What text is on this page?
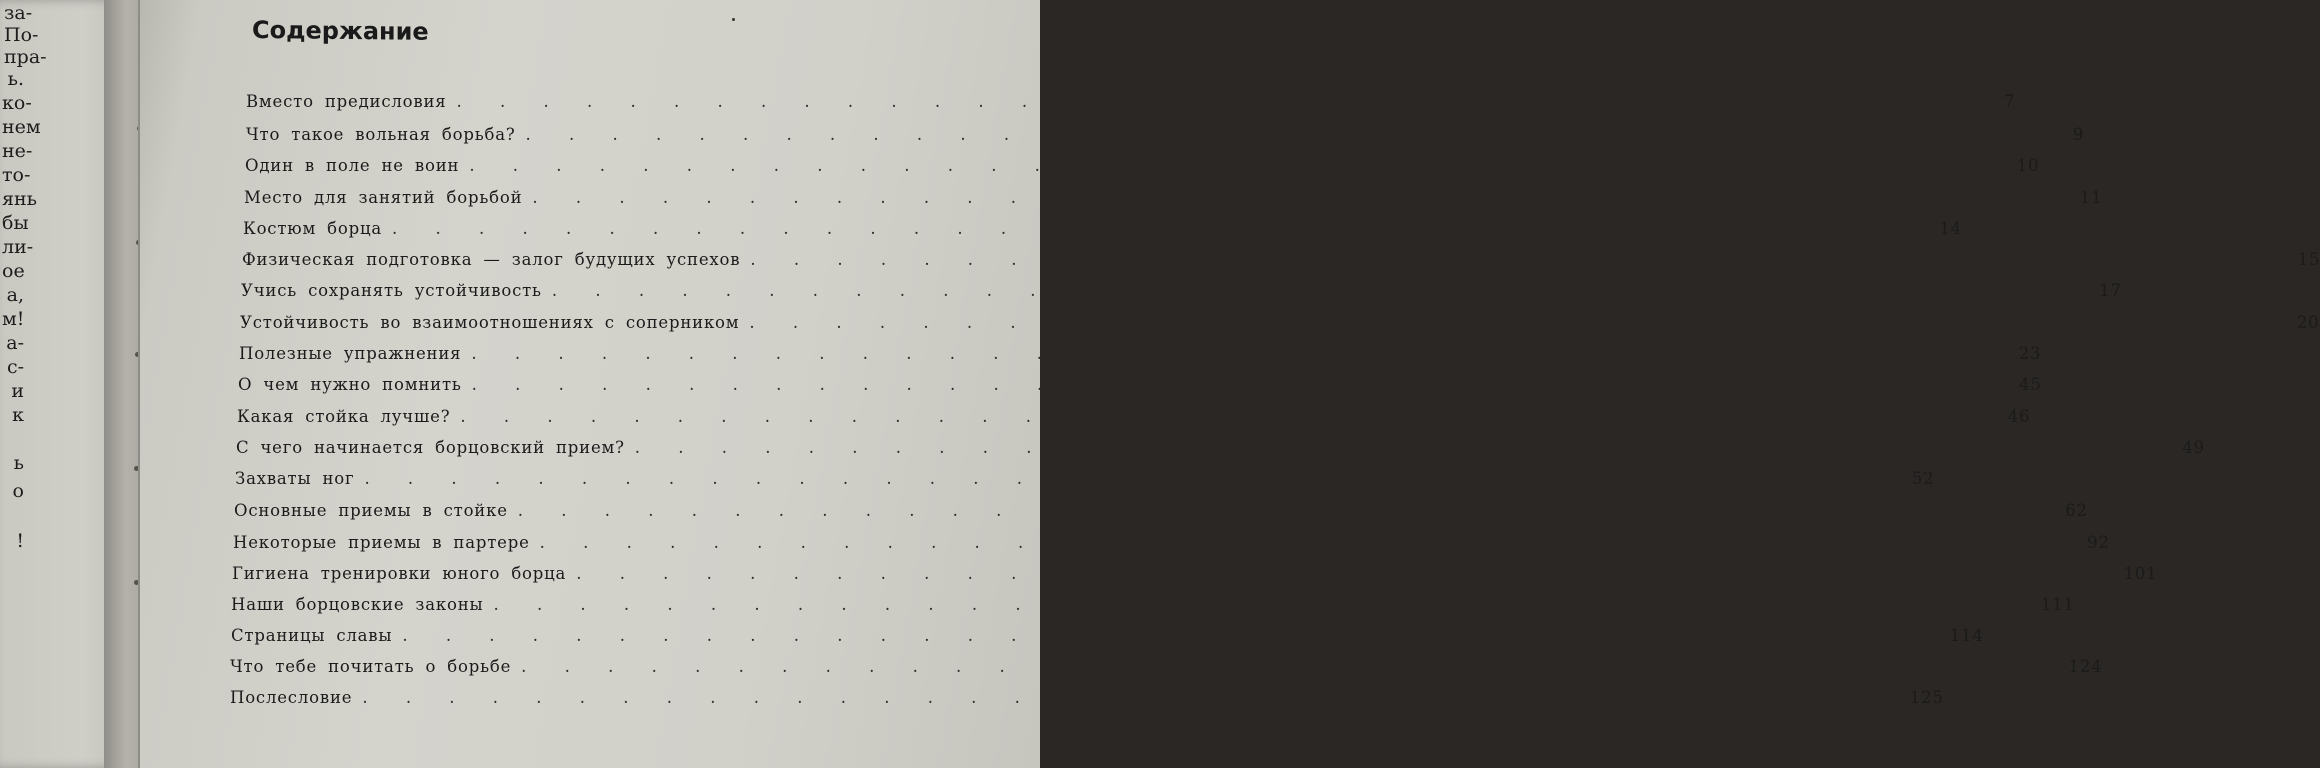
за-
По-
пра-
ь.
ко-
нем
не-
то-
янь
бы
ли-
ое
а,
м!
а-
с-
и
к
ь
о
!
Содержание
Вместо предисловия . . . . . . . . . . . . . . . . . . . . . . . . . . . . . . . . . . . . 7
Что такое вольная борьба? . . . . . . . . . . . . . . . . . . . . . . . . . . . . . . . . . . . . 9
Один в поле не воин . . . . . . . . . . . . . . . . . . . . . . . . . . . . . . . . . . . . 10
Место для занятий борьбой . . . . . . . . . . . . . . . . . . . . . . . . . . . . . . . . . . . . 11
Костюм борца . . . . . . . . . . . . . . . . . . . . . . . . . . . . . . . . . . . . 14
Физическая подготовка — залог будущих успехов . . . . . . . . . . . . . . . . . . . . . . . . . . . . . . . . . . . . 15
Учись сохранять устойчивость . . . . . . . . . . . . . . . . . . . . . . . . . . . . . . . . . . . . 17
Устойчивость во взаимоотношениях с соперником . . . . . . . . . . . . . . . . . . . . . . . . . . . . . . . . . . . . 20
Полезные упражнения . . . . . . . . . . . . . . . . . . . . . . . . . . . . . . . . . . . . 23
О чем нужно помнить . . . . . . . . . . . . . . . . . . . . . . . . . . . . . . . . . . . . 45
Какая стойка лучше? . . . . . . . . . . . . . . . . . . . . . . . . . . . . . . . . . . . . 46
С чего начинается борцовский прием? . . . . . . . . . . . . . . . . . . . . . . . . . . . . . . . . . . . . 49
Захваты ног . . . . . . . . . . . . . . . . . . . . . . . . . . . . . . . . . . . . 52
Основные приемы в стойке . . . . . . . . . . . . . . . . . . . . . . . . . . . . . . . . . . . . 62
Некоторые приемы в партере . . . . . . . . . . . . . . . . . . . . . . . . . . . . . . . . . . . . 92
Гигиена тренировки юного борца . . . . . . . . . . . . . . . . . . . . . . . . . . . . . . . . . . . . 101
Наши борцовские законы . . . . . . . . . . . . . . . . . . . . . . . . . . . . . . . . . . . . 111
Страницы славы . . . . . . . . . . . . . . . . . . . . . . . . . . . . . . . . . . . . 114
Что тебе почитать о борьбе . . . . . . . . . . . . . . . . . . . . . . . . . . . . . . . . . . . . 124
Послесловие . . . . . . . . . . . . . . . . . . . . . . . . . . . . . . . . . . . . 125
